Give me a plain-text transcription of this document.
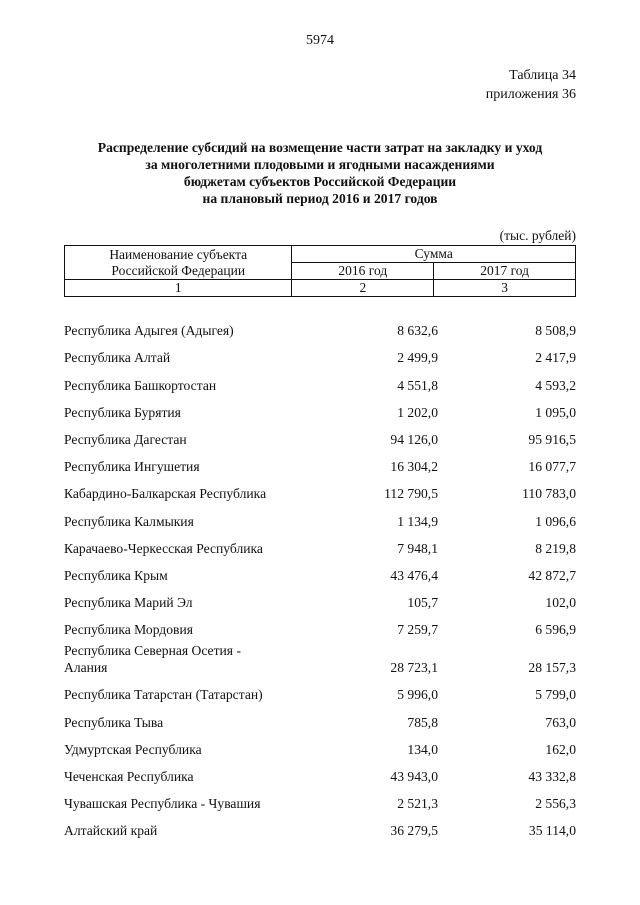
5974
Таблица 34
приложения 36
Распределение субсидий на возмещение части затрат на закладку и уход
за многолетними плодовыми и ягодными насаждениями
бюджетам субъектов Российской Федерации
на плановый период 2016 и 2017 годов
(тыс. рублей)
Наименование субъекта
Российской Федерации	Сумма	
	2016 год	2017 год
1	2	3
Республика Адыгея (Адыгея)	8 632,6	8 508,9
Республика Алтай	2 499,9	2 417,9
Республика Башкортостан	4 551,8	4 593,2
Республика Бурятия	1 202,0	1 095,0
Республика Дагестан	94 126,0	95 916,5
Республика Ингушетия	16 304,2	16 077,7
Кабардино-Балкарская Республика	112 790,5	110 783,0
Республика Калмыкия	1 134,9	1 096,6
Карачаево-Черкесская Республика	7 948,1	8 219,8
Республика Крым	43 476,4	42 872,7
Республика Марий Эл	105,7	102,0
Республика Мордовия	7 259,7	6 596,9
Республика Северная Осетия -
Алания	28 723,1	28 157,3
Республика Татарстан (Татарстан)	5 996,0	5 799,0
Республика Тыва	785,8	763,0
Удмуртская Республика	134,0	162,0
Чеченская Республика	43 943,0	43 332,8
Чувашская Республика - Чувашия	2 521,3	2 556,3
Алтайский край	36 279,5	35 114,0
